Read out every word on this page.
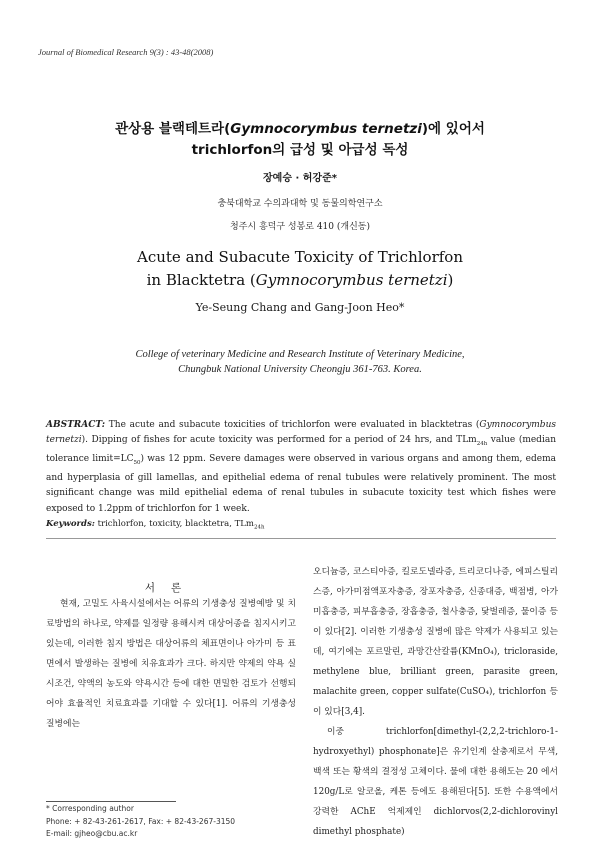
Journal of Biomedical Research 9(3) : 43-48(2008)
관상용 블랙테트라(Gymnocorymbus ternetzi)에 있어서
trichlorfon의 급성 및 아급성 독성
장예승 · 허강준*
충북대학교 수의과대학 및 동물의학연구소
청주시 흥덕구 성봉로 410 (개신동)
Acute and Subacute Toxicity of Trichlorfon
in Blacktetra (Gymnocorymbus ternetzi)
Ye-Seung Chang and Gang-Joon Heo*
College of veterinary Medicine and Research Institute of Veterinary Medicine,
Chungbuk National University Cheongju 361-763. Korea.
ABSTRACT: The acute and subacute toxicities of trichlorfon were evaluated in blacktetras (Gymnocorymbus ternetzi). Dipping of fishes for acute toxicity was performed for a period of 24 hrs, and TLm$_{24h}$ value (median tolerance $limit=LC_{50}$) was 12 ppm. Severe damages were observed in various organs and among them, edema and hyperplasia of gill lamellas, and epithelial edema of renal tubules were relatively prominent. The most significant change was mild epithelial edema of renal tubules in subacute toxicity test which fishes were exposed to 1.2ppm of trichlorfon for 1 week.
Keywords: trichlorfon, toxicity, blacktetra, TLm$_{24h}$
서론
현재, 고밀도 사육시설에서는 어류의 기생충성 질병예방 및 치료방법의 하나로, 약제를 일정량 용해시켜 대상어종을 침지시키고 있는데, 이러한 침지 방법은 대상어류의 체표면이나 아가미 등 표면에서 발생하는 질병에 치유효과가 크다. 하지만 약제의 약욕 실시조건, 약액의 농도와 약욕시간 등에 대한 면밀한 검토가 선행되어야 효율적인 치료효과를 기대할 수 있다[1]. 어류의 기생충성 질병에는

오디늄증, 코스티아증, 킬로도넬라증, 트리코디나증, 에피스틸리스증, 아가미점액포자충증, 장포자충증, 신종대증, 백점병, 아가미흡충증, 피부흡충증, 장흡충증, 철사충증, 닻벌레증, 물이증 등이 있다[2]. 이러한 기생충성 질병에 많은 약제가 사용되고 있는데, 여기에는 포르말린, 과망간산칼륨(KMnO₄), tricloraside, methylene blue, brilliant green, parasite green, malachite green, copper sulfate(CuSO₄), trichlorfon 등이 있다[3,4].

이중 trichlorfon[dimethyl-(2,2,2-trichloro-1-hydroxyethyl) phosphonate]은 유기인계 살충제로서 무색, 백색 또는 황색의 결정성 고체이다. 물에 대한 용해도는 20 에서 120g/L로 알코올, 케톤 등에도 용해된다[5]. 또한 수용액에서 강력한 AChE 억제제인 dichlorvos(2,2-dichlorovinyl dimethyl phosphate)

* Corresponding author
Phone: + 82-43-261-2617, Fax: + 82-43-267-3150
E-mail: gjheo@cbu.ac.kr
